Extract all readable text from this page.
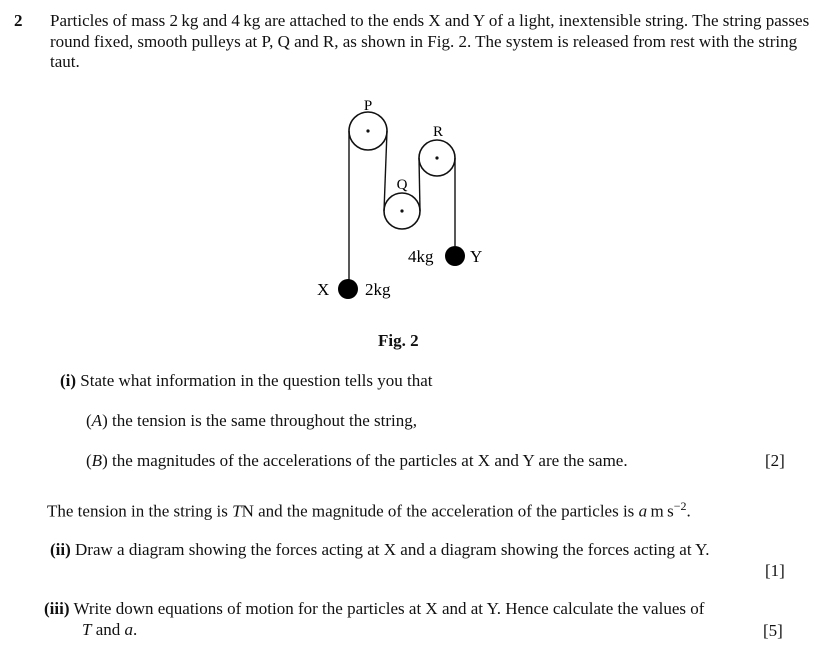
2 Particles of mass 2 kg and 4 kg are attached to the ends X and Y of a light, inextensible string. The string passes round fixed, smooth pulleys at P, Q and R, as shown in Fig. 2. The system is released from rest with the string taut.
P
R
Q
4kg Y
X 2kg
Fig. 2
(i) State what information in the question tells you that
(A) the tension is the same throughout the string,
(B) the magnitudes of the accelerations of the particles at X and Y are the same.	[2]
The tension in the string is TN and the magnitude of the acceleration of the particles is a  m $s^{-2}$.
(ii) Draw a diagram showing the forces acting at X and a diagram showing the forces acting at Y.
[1]
(iii) Write down equations of motion for the particles at X and at Y. Hence calculate the values of
T and a.	[5]
